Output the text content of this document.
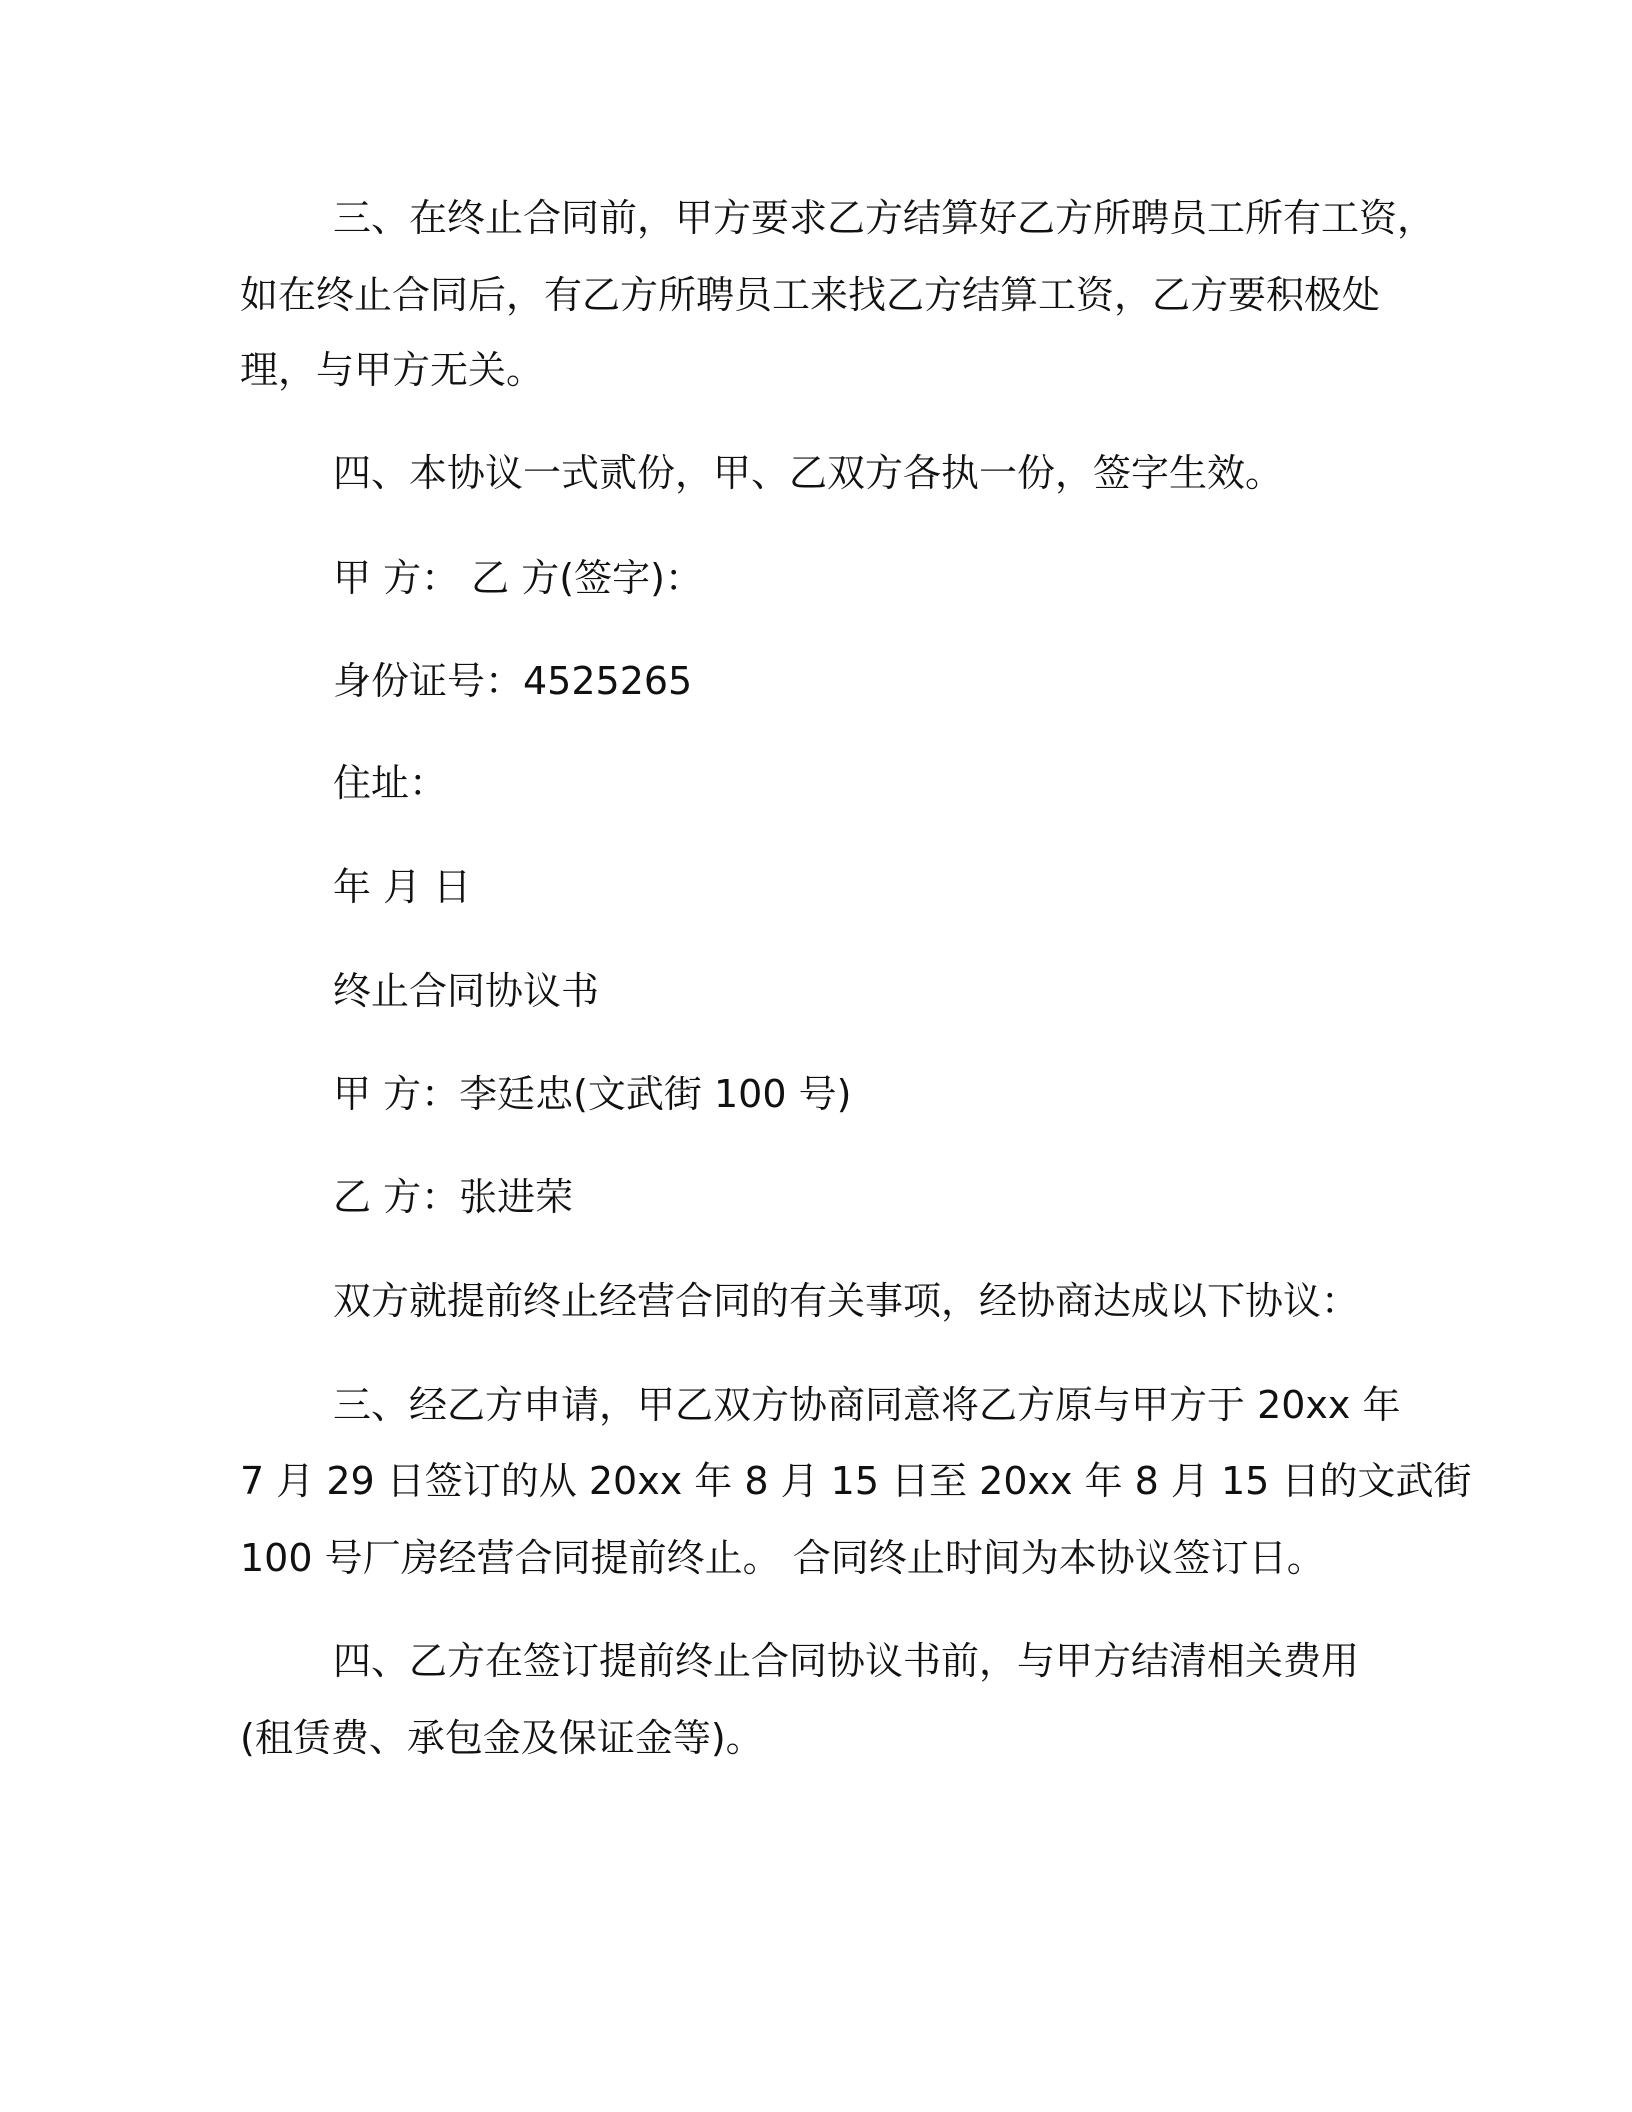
三、在终止合同前，甲方要求乙方结算好乙方所聘员工所有工资，
如在终止合同后，有乙方所聘员工来找乙方结算工资，乙方要积极处
理，与甲方无关。
四、本协议一式贰份，甲、乙双方各执一份，签字生效。
甲 方： 乙 方(签字)：
身份证号：4525265
住址：
年 月 日
终止合同协议书
甲 方：李廷忠(文武街 100 号)
乙 方：张进荣
双方就提前终止经营合同的有关事项，经协商达成以下协议：
三、经乙方申请，甲乙双方协商同意将乙方原与甲方于 20xx 年
7 月 29 日签订的从 20xx 年 8 月 15 日至 20xx 年 8 月 15 日的文武街
100 号厂房经营合同提前终止。 合同终止时间为本协议签订日。
四、乙方在签订提前终止合同协议书前，与甲方结清相关费用
(租赁费、承包金及保证金等)。
